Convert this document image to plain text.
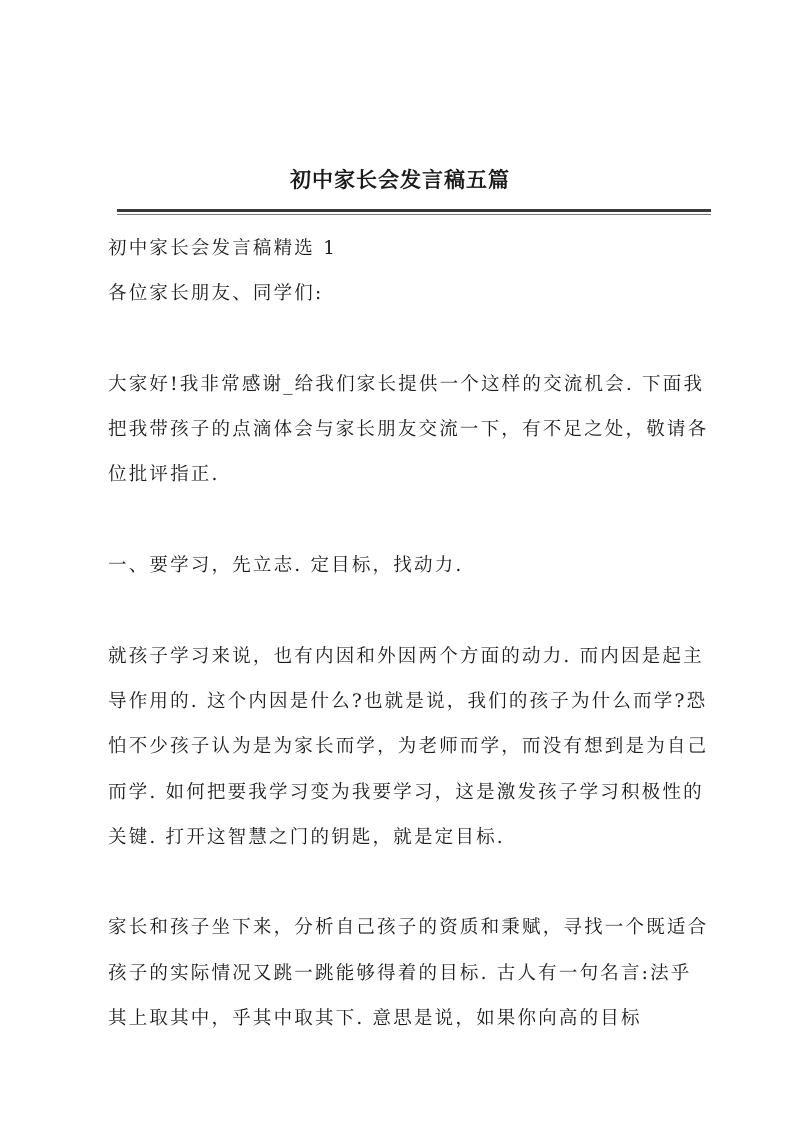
初中家长会发言稿五篇

初中家长会发言稿精选 1

各位家长朋友、同学们:

大家好!我非常感谢_给我们家长提供一个这样的交流机会. 下面我把我带孩子的点滴体会与家长朋友交流一下，有不足之处，敬请各位批评指正.

一、要学习，先立志. 定目标，找动力.

就孩子学习来说，也有内因和外因两个方面的动力. 而内因是起主导作用的. 这个内因是什么?也就是说，我们的孩子为什么而学?恐怕不少孩子认为是为家长而学，为老师而学，而没有想到是为自己而学. 如何把要我学习变为我要学习，这是激发孩子学习积极性的关键. 打开这智慧之门的钥匙，就是定目标.

家长和孩子坐下来，分析自己孩子的资质和秉赋，寻找一个既适合孩子的实际情况又跳一跳能够得着的目标. 古人有一句名言:法乎其上取其中，乎其中取其下. 意思是说，如果你向高的目标
